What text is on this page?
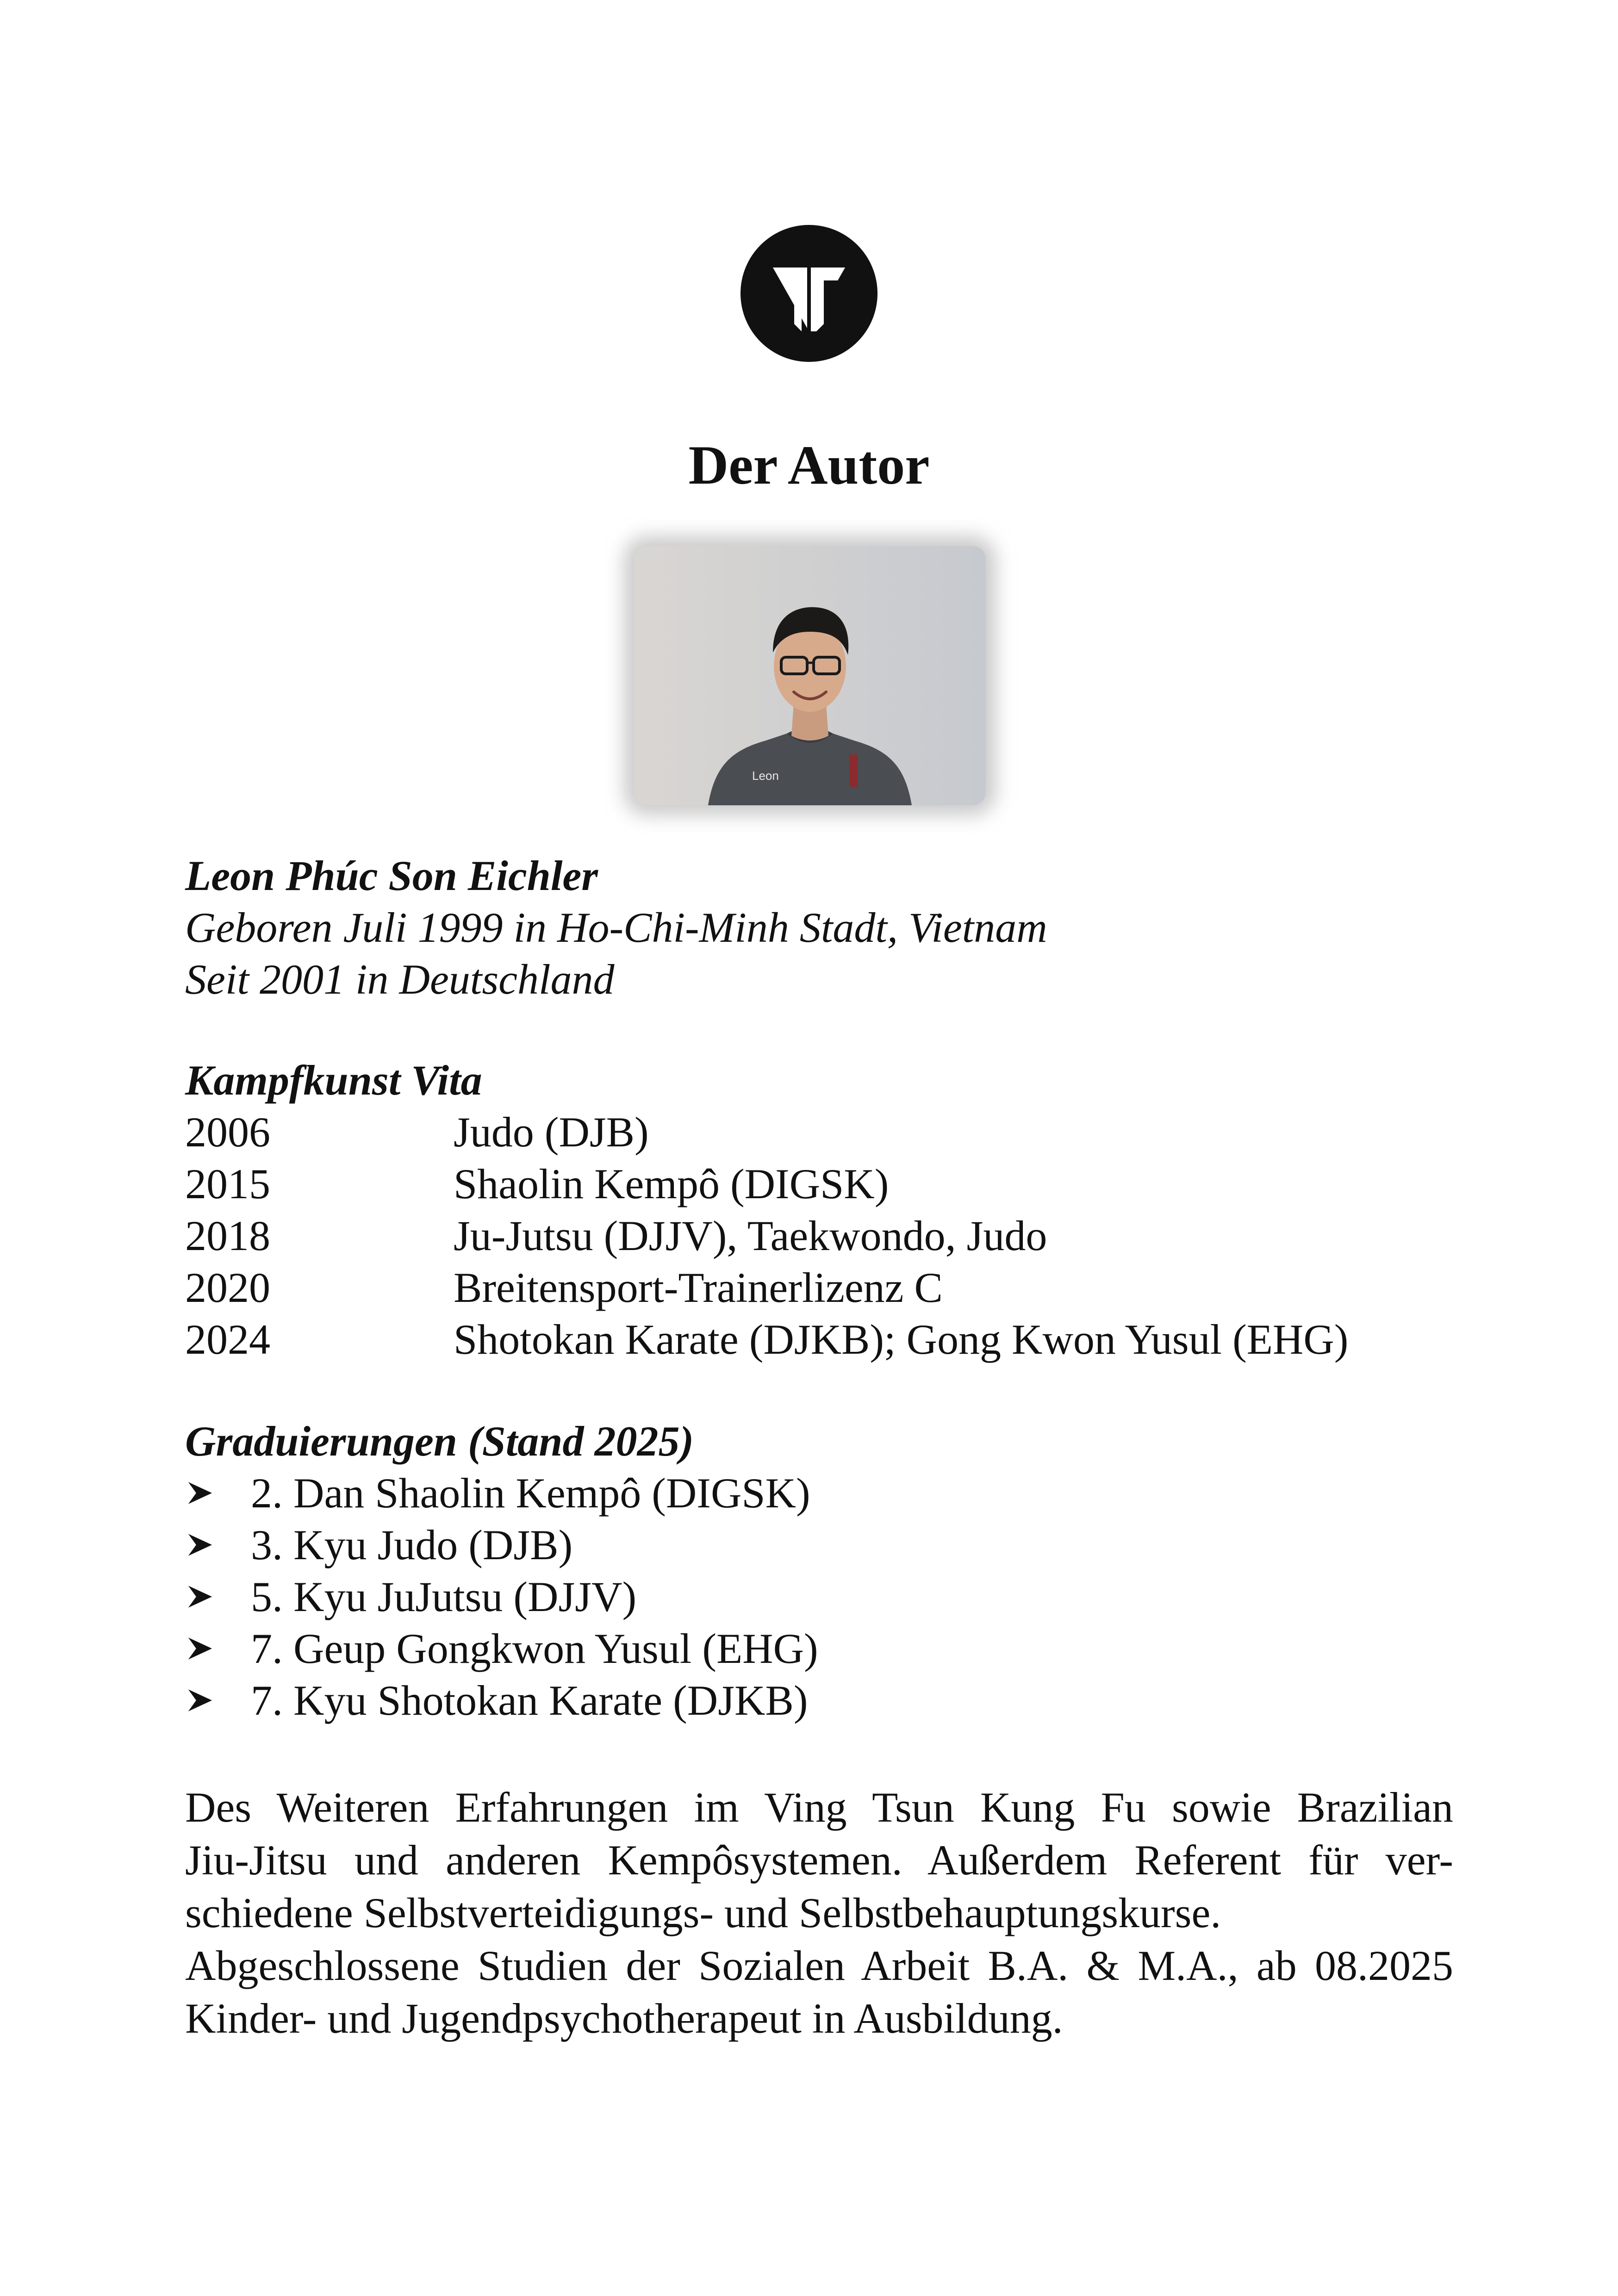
Der Autor
Leon
Leon Phúc Son Eichler
Geboren Juli 1999 in Ho-Chi-Minh Stadt, Vietnam
Seit 2001 in Deutschland
Kampfkunst Vita
2006	Judo (DJB)
2015	Shaolin Kempô (DIGSK)
2018	Ju-Jutsu (DJJV), Taekwondo, Judo
2020	Breitensport-Trainerlizenz C
2024	Shotokan Karate (DJKB); Gong Kwon Yusul (EHG)
Graduierungen (Stand 2025)
2. Dan Shaolin Kempô (DIGSK)
3. Kyu Judo (DJB)
5. Kyu JuJutsu (DJJV)
7. Geup Gongkwon Yusul (EHG)
7. Kyu Shotokan Karate (DJKB)
Des Weiteren Erfahrungen im Ving Tsun Kung Fu sowie Brazilian
Jiu-Jitsu und anderen Kempôsystemen. Außerdem Referent für ver-
schiedene Selbstverteidigungs- und Selbstbehauptungskurse.
Abgeschlossene Studien der Sozialen Arbeit B.A. & M.A., ab 08.2025
Kinder- und Jugendpsychotherapeut in Ausbildung.
